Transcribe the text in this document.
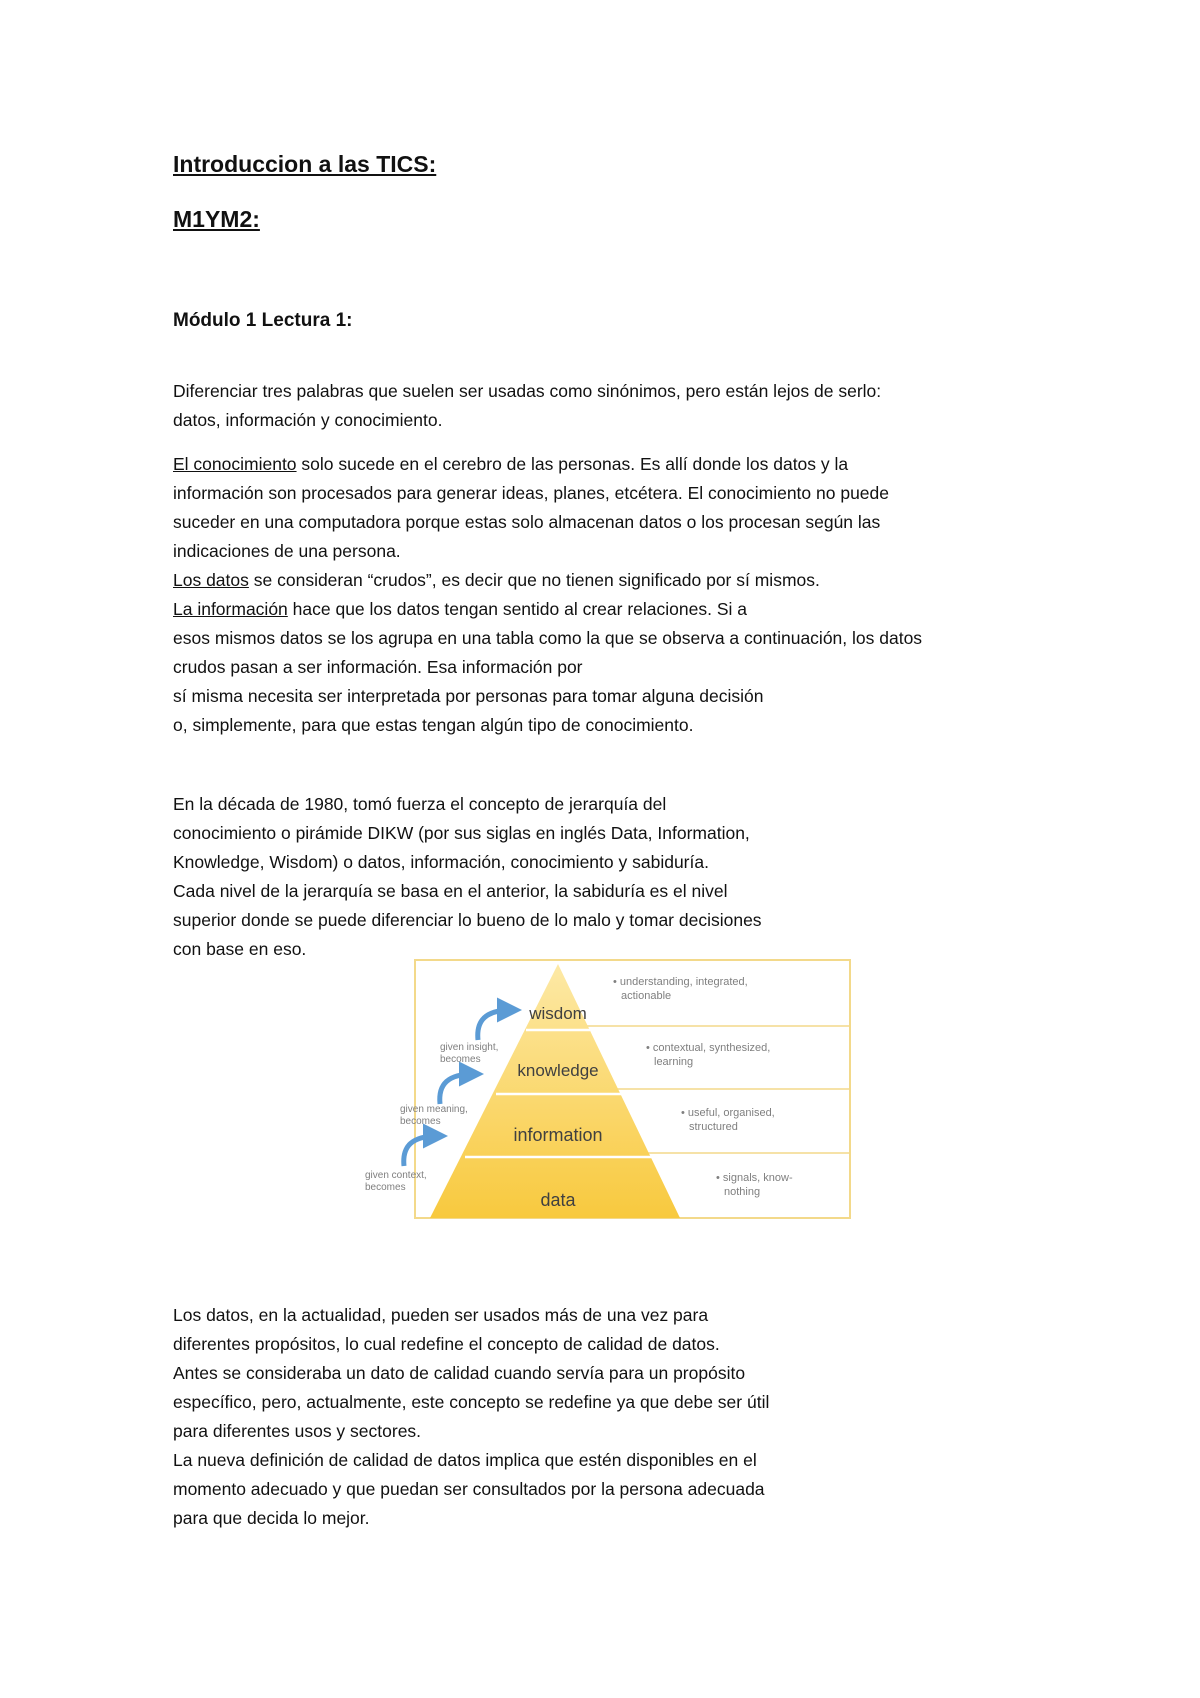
Introduccion a las TICS:

M1YM2:

Módulo 1 Lectura 1:

Diferenciar tres palabras que suelen ser usadas como sinónimos, pero están lejos de serlo:
datos, información y conocimiento.
El conocimiento solo sucede en el cerebro de las personas. Es allí donde los datos y la
información son procesados para generar ideas, planes, etcétera. El conocimiento no puede
suceder en una computadora porque estas solo almacenan datos o los procesan según las
indicaciones de una persona.
Los datos se consideran “crudos”, es decir que no tienen significado por sí mismos.
La información hace que los datos tengan sentido al crear relaciones. Si a
esos mismos datos se los agrupa en una tabla como la que se observa a continuación, los datos
crudos pasan a ser información. Esa información por
sí misma necesita ser interpretada por personas para tomar alguna decisión
o, simplemente, para que estas tengan algún tipo de conocimiento.
En la década de 1980, tomó fuerza el concepto de jerarquía del
conocimiento o pirámide DIKW (por sus siglas en inglés Data, Information,
Knowledge, Wisdom) o datos, información, conocimiento y sabiduría.
Cada nivel de la jerarquía se basa en el anterior, la sabiduría es el nivel
superior donde se puede diferenciar lo bueno de lo malo y tomar decisiones
con base en eso.
wisdom
knowledge
information
data
• understanding, integrated,
actionable
• contextual, synthesized,
learning
• useful, organised,
structured
• signals, know-
nothing
given insight,
becomes
given meaning,
becomes
given context,
becomes
Los datos, en la actualidad, pueden ser usados más de una vez para
diferentes propósitos, lo cual redefine el concepto de calidad de datos.
Antes se consideraba un dato de calidad cuando servía para un propósito
específico, pero, actualmente, este concepto se redefine ya que debe ser útil
para diferentes usos y sectores.
La nueva definición de calidad de datos implica que estén disponibles en el
momento adecuado y que puedan ser consultados por la persona adecuada
para que decida lo mejor.
